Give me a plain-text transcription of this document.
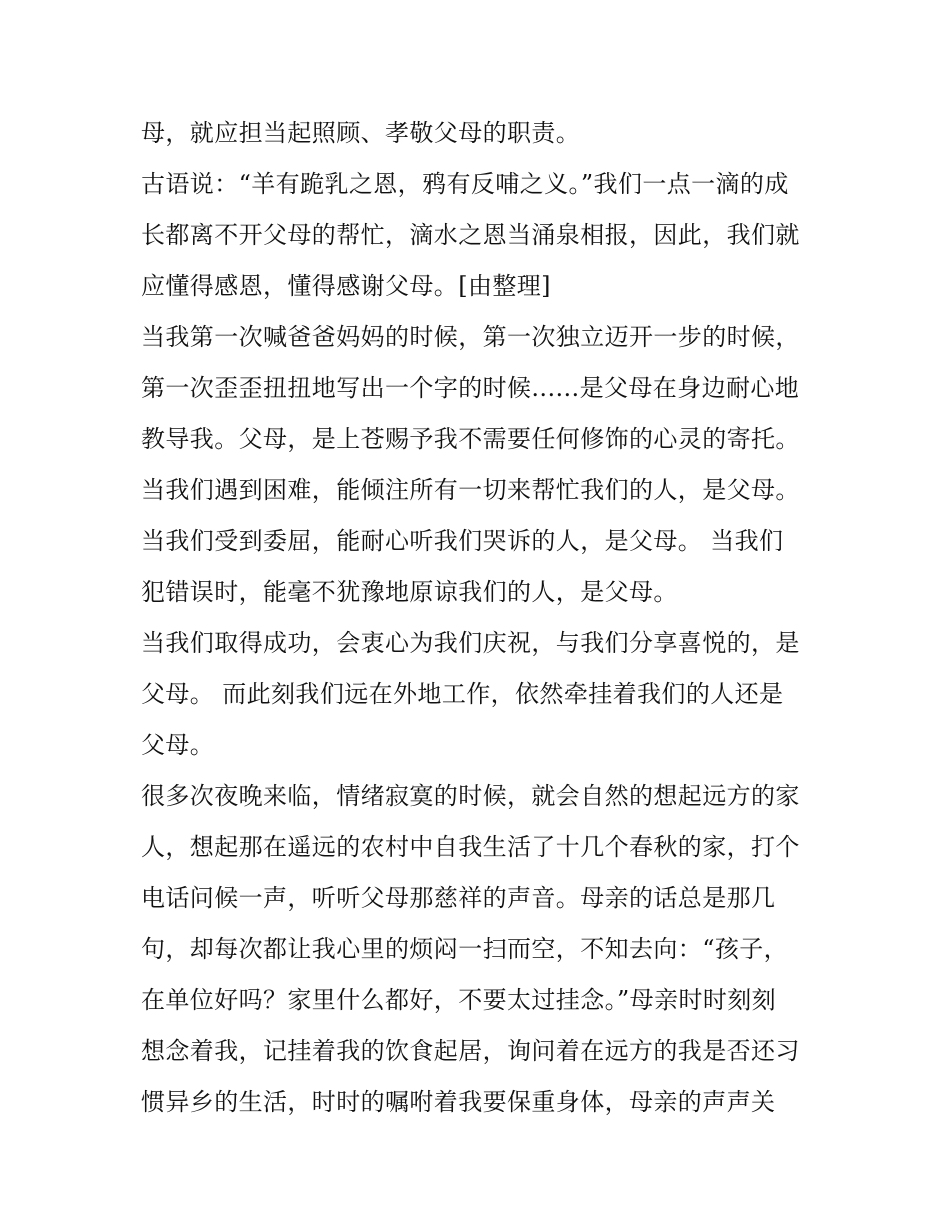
母，就应担当起照顾、孝敬父母的职责。
古语说：“羊有跪乳之恩，鸦有反哺之义。”我们一点一滴的成
长都离不开父母的帮忙，滴水之恩当涌泉相报，因此，我们就
应懂得感恩，懂得感谢父母。[由整理]
当我第一次喊爸爸妈妈的时候，第一次独立迈开一步的时候，
第一次歪歪扭扭地写出一个字的时候......是父母在身边耐心地
教导我。父母，是上苍赐予我不需要任何修饰的心灵的寄托。
当我们遇到困难，能倾注所有一切来帮忙我们的人，是父母。
当我们受到委屈，能耐心听我们哭诉的人，是父母。 当我们
犯错误时，能毫不犹豫地原谅我们的人，是父母。
当我们取得成功，会衷心为我们庆祝，与我们分享喜悦的，是
父母。 而此刻我们远在外地工作，依然牵挂着我们的人还是
父母。
很多次夜晚来临，情绪寂寞的时候，就会自然的想起远方的家
人，想起那在遥远的农村中自我生活了十几个春秋的家，打个
电话问候一声，听听父母那慈祥的声音。母亲的话总是那几
句，却每次都让我心里的烦闷一扫而空，不知去向：“孩子，
在单位好吗？家里什么都好，不要太过挂念。”母亲时时刻刻
想念着我，记挂着我的饮食起居，询问着在远方的我是否还习
惯异乡的生活，时时的嘱咐着我要保重身体，母亲的声声关
